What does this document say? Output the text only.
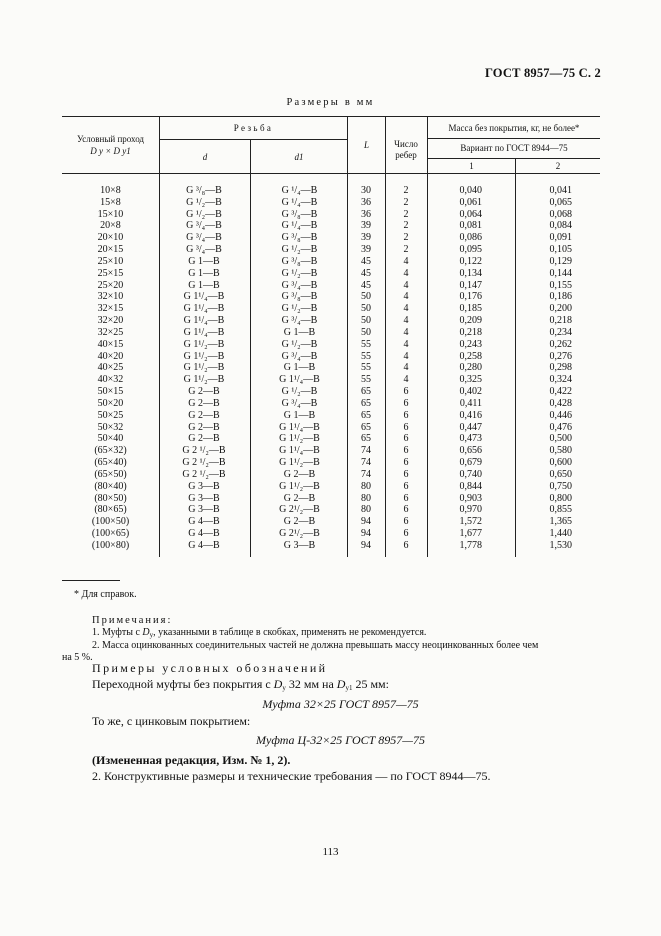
ГОСТ 8957—75 С. 2
Размеры в мм
Условный проход
D y × D y1
Резьба
d	d1
L	Число ребер
Масса без покрытия, кг, не более*
Вариант по ГОСТ 8944—75
1	2
10×8	G ³/₈—B	G ¹/₄—B	30	2	0,040	0,041
15×8	G ¹/₂—B	G ¹/₄—B	36	2	0,061	0,065
15×10	G ¹/₂—B	G ³/₈—B	36	2	0,064	0,068
20×8	G ³/₄—B	G ¹/₄—B	39	2	0,081	0,084
20×10	G ³/₄—B	G ³/₈—B	39	2	0,086	0,091
20×15	G ³/₄—B	G ¹/₂—B	39	2	0,095	0,105
25×10	G 1—B	G ³/₈—B	45	4	0,122	0,129
25×15	G 1—B	G ¹/₂—B	45	4	0,134	0,144
25×20	G 1—B	G ³/₄—B	45	4	0,147	0,155
32×10	G 1¹/₄—B	G ³/₈—B	50	4	0,176	0,186
32×15	G 1¹/₄—B	G ¹/₂—B	50	4	0,185	0,200
32×20	G 1¹/₄—B	G ³/₄—B	50	4	0,209	0,218
32×25	G 1¹/₄—B	G 1—B	50	4	0,218	0,234
40×15	G 1¹/₂—B	G ¹/₂—B	55	4	0,243	0,262
40×20	G 1¹/₂—B	G ³/₄—B	55	4	0,258	0,276
40×25	G 1¹/₂—B	G 1—B	55	4	0,280	0,298
40×32	G 1¹/₂—B	G 1¹/₄—B	55	4	0,325	0,324
50×15	G 2—B	G ¹/₂—B	65	6	0,402	0,422
50×20	G 2—B	G ³/₄—B	65	6	0,411	0,428
50×25	G 2—B	G 1—B	65	6	0,416	0,446
50×32	G 2—B	G 1¹/₄—B	65	6	0,447	0,476
50×40	G 2—B	G 1¹/₂—B	65	6	0,473	0,500
(65×32)	G 2 ¹/₂—B	G 1¹/₄—B	74	6	0,656	0,580
(65×40)	G 2 ¹/₂—B	G 1¹/₂—B	74	6	0,679	0,600
(65×50)	G 2 ¹/₂—B	G 2—B	74	6	0,740	0,650
(80×40)	G 3—B	G 1¹/₂—B	80	6	0,844	0,750
(80×50)	G 3—B	G 2—B	80	6	0,903	0,800
(80×65)	G 3—B	G 2¹/₂—B	80	6	0,970	0,855
(100×50)	G 4—B	G 2—B	94	6	1,572	1,365
(100×65)	G 4—B	G 2¹/₂—B	94	6	1,677	1,440
(100×80)	G 4—B	G 3—B	94	6	1,778	1,530
* Для справок.
Примечания:
1. Муфты с $D_y$, указанными в таблице в скобках, применять не рекомендуется.
2. Масса оцинкованных соединительных частей не должна превышать массу неоцинкованных более чем
на 5 %.
Примеры условных обозначений
Переходной муфты без покрытия с $D_y$ 32 мм на $D_{y1}$ 25 мм:
Муфта 32×25 ГОСТ 8957—75
То же, с цинковым покрытием:
Муфта Ц-32×25 ГОСТ 8957—75
(Измененная редакция, Изм. № 1, 2).
2. Конструктивные размеры и технические требования — по ГОСТ 8944—75.
113
